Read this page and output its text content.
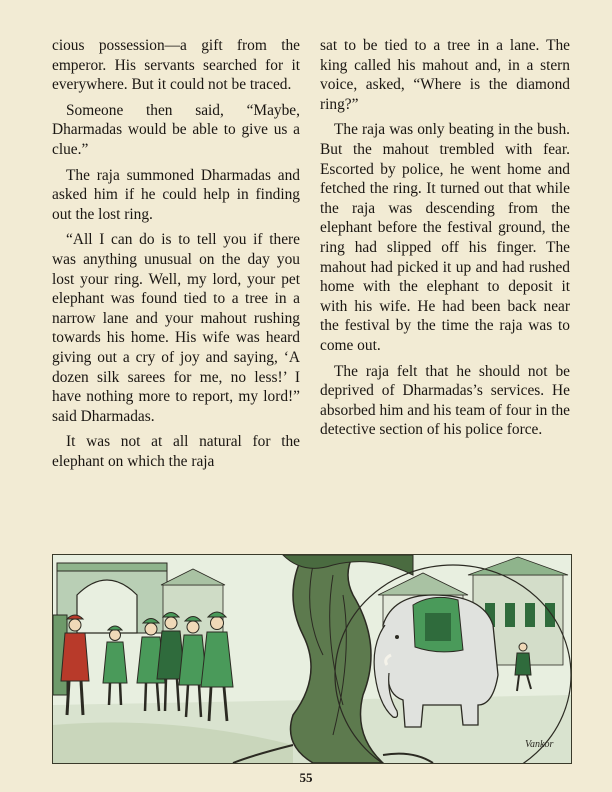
cious possession—a gift from the emperor. His servants searched for it everywhere. But it could not be traced.

Someone then said, “Maybe, Dharmadas would be able to give us a clue.”

The raja summoned Dharmadas and asked him if he could help in finding out the lost ring.

“All I can do is to tell you if there was anything unusual on the day you lost your ring. Well, my lord, your pet elephant was found tied to a tree in a narrow lane and your mahout rushing towards his home. His wife was heard giving out a cry of joy and saying, ‘A dozen silk sarees for me, no less!’ I have nothing more to report, my lord!” said Dharmadas.

It was not at all natural for the elephant on which the raja

sat to be tied to a tree in a lane. The king called his mahout and, in a stern voice, asked, “Where is the diamond ring?”

The raja was only beating in the bush. But the mahout trembled with fear. Escorted by police, he went home and fetched the ring. It turned out that while the raja was descending from the elephant before the festival ground, the ring had slipped off his finger. The mahout had picked it up and had rushed home with the elephant to deposit it with his wife. He had been back near the festival by the time the raja was to come out.

The raja felt that he should not be deprived of Dharmadas’s services. He absorbed him and his team of four in the detective section of his police force.

Vankor
55
